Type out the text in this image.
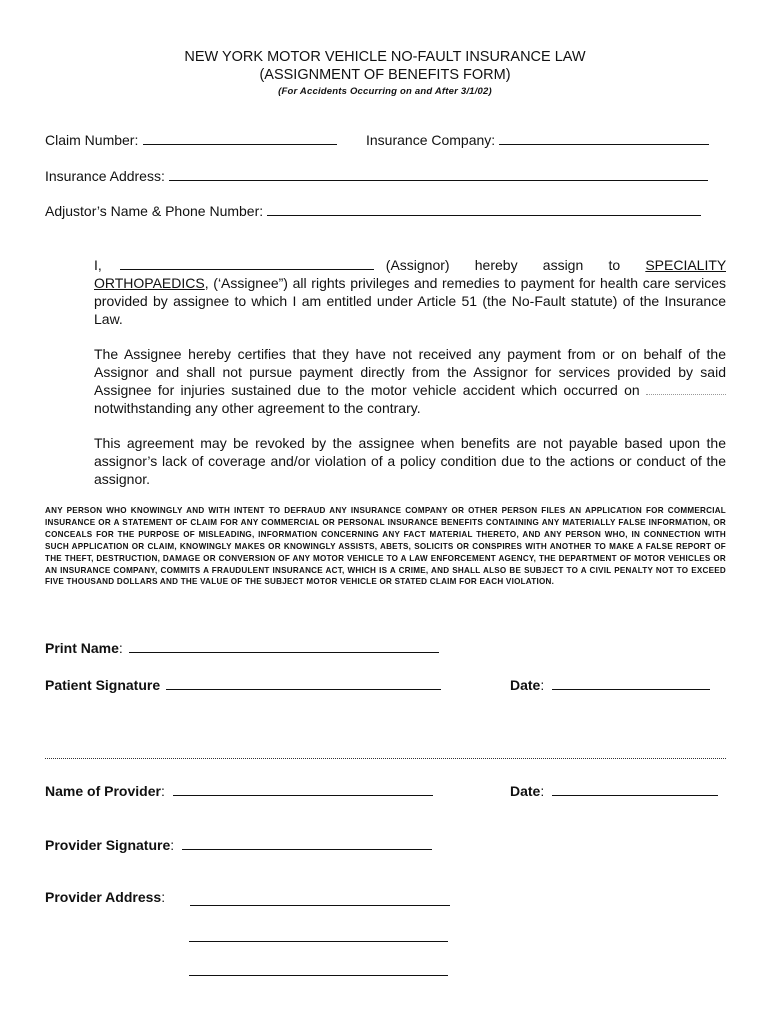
NEW YORK MOTOR VEHICLE NO-FAULT INSURANCE LAW
(ASSIGNMENT OF BENEFITS FORM)
(For Accidents Occurring on and After 3/1/02)
Claim Number:	Insurance Company:
Insurance Address:
Adjustor’s Name & Phone Number:

I,	(Assignor) hereby assign to SPECIALITY ORTHOPAEDICS, (‘Assignee”) all rights privileges and remedies to payment for health care services provided by assignee to which I am entitled under Article 51 (the No-Fault statute) of the Insurance Law.

The Assignee hereby certifies that they have not received any payment from or on behalf of the Assignor and shall not pursue payment directly from the Assignor for services provided by said Assignee for injuries sustained due to the motor vehicle accident which occurred on notwithstanding any other agreement to the contrary.

This agreement may be revoked by the assignee when benefits are not payable based upon the assignor’s lack of coverage and/or violation of a policy condition due to the actions or conduct of the assignor.

ANY PERSON WHO KNOWINGLY AND WITH INTENT TO DEFRAUD ANY INSURANCE COMPANY OR OTHER PERSON FILES AN APPLICATION FOR COMMERCIAL INSURANCE OR A STATEMENT OF CLAIM FOR ANY COMMERCIAL OR PERSONAL INSURANCE BENEFITS CONTAINING ANY MATERIALLY FALSE INFORMATION, OR CONCEALS FOR THE PURPOSE OF MISLEADING, INFORMATION CONCERNING ANY FACT MATERIAL THERETO, AND ANY PERSON WHO, IN CONNECTION WITH SUCH APPLICATION OR CLAIM, KNOWINGLY MAKES OR KNOWINGLY ASSISTS, ABETS, SOLICITS OR CONSPIRES WITH ANOTHER TO MAKE A FALSE REPORT OF THE THEFT, DESTRUCTION, DAMAGE OR CONVERSION OF ANY MOTOR VEHICLE TO A LAW ENFORCEMENT AGENCY, THE DEPARTMENT OF MOTOR VEHICLES OR AN INSURANCE COMPANY, COMMITS A FRAUDULENT INSURANCE ACT, WHICH IS A CRIME, AND SHALL ALSO BE SUBJECT TO A CIVIL PENALTY NOT TO EXCEED FIVE THOUSAND DOLLARS AND THE VALUE OF THE SUBJECT MOTOR VEHICLE OR STATED CLAIM FOR EACH VIOLATION.
Print Name:
Patient Signature	Date:
Name of Provider:	Date:
Provider Signature:
Provider Address:
